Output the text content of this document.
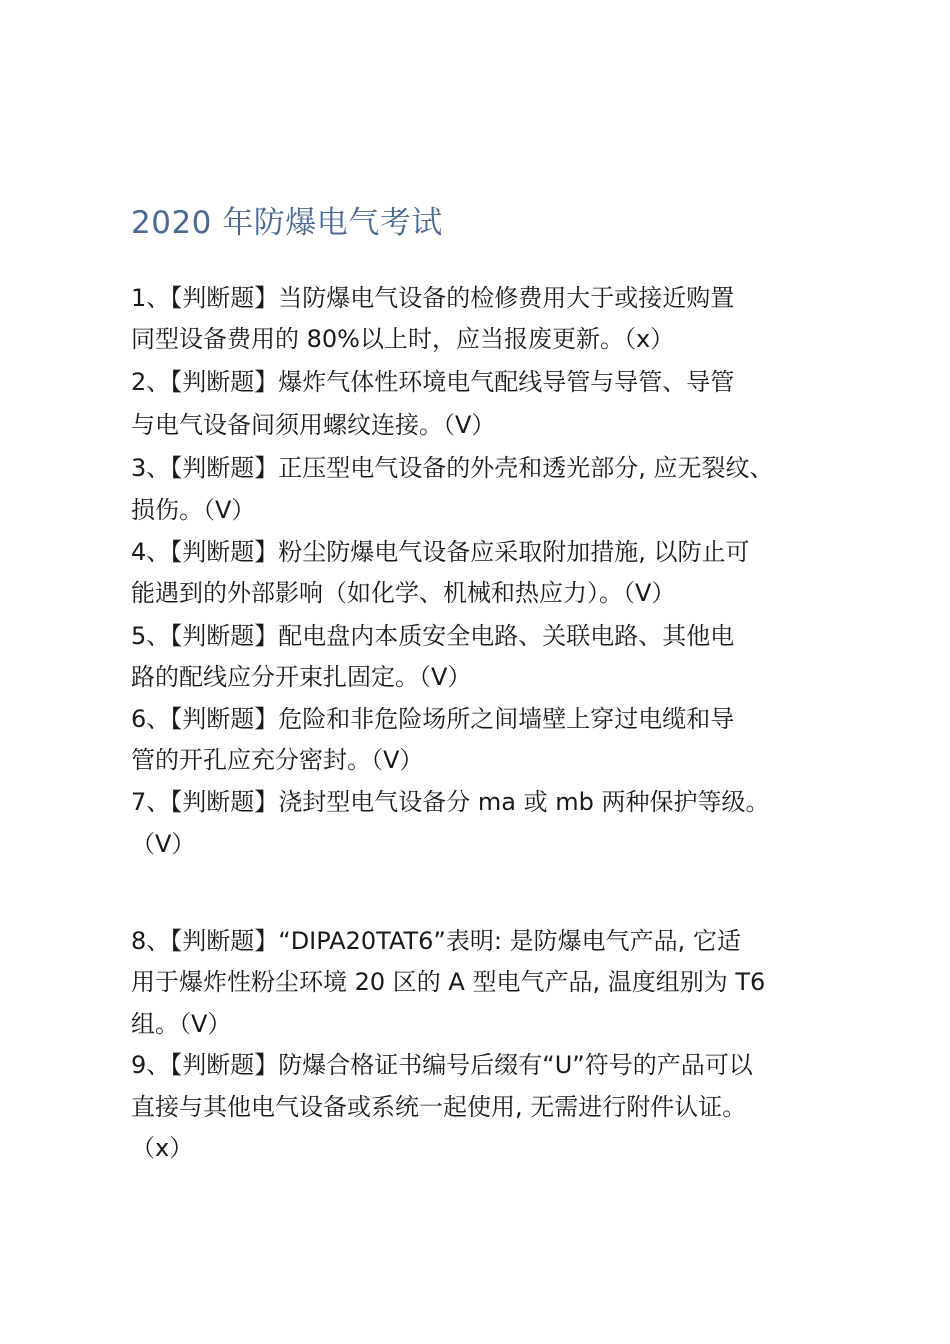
2020 年防爆电气考试
1、【判断题】当防爆电气设备的检修费用大于或接近购置
同型设备费用的 80%以上时，应当报废更新。（x）
2、【判断题】爆炸气体性环境电气配线导管与导管、导管
与电气设备间须用螺纹连接。（V）
3、【判断题】正压型电气设备的外壳和透光部分, 应无裂纹、
损伤。（V）
4、【判断题】粉尘防爆电气设备应采取附加措施, 以防止可
能遇到的外部影响（如化学、机械和热应力）。（V）
5、【判断题】配电盘内本质安全电路、关联电路、其他电
路的配线应分开束扎固定。（V）
6、【判断题】危险和非危险场所之间墙壁上穿过电缆和导
管的开孔应充分密封。（V）
7、【判断题】浇封型电气设备分 ma 或 mb 两种保护等级。
（V）
8、【判断题】“DIPA20TAT6”表明: 是防爆电气产品, 它适
用于爆炸性粉尘环境 20 区的 A 型电气产品, 温度组别为 T6
组。（V）
9、【判断题】防爆合格证书编号后缀有“U”符号的产品可以
直接与其他电气设备或系统一起使用, 无需进行附件认证。
（x）
